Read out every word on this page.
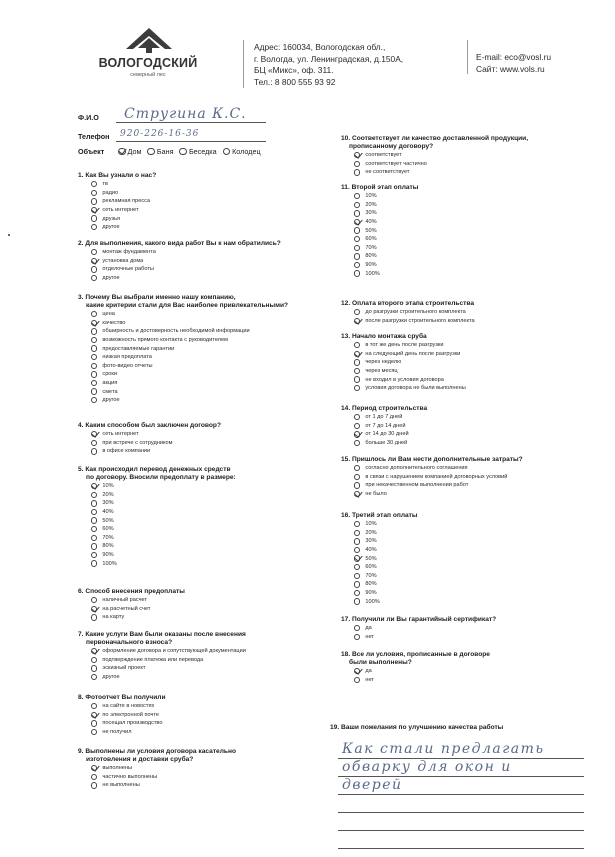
ВОЛОГОДСКИЙ
северный лес
Адрес: 160034, Вологодская обл.,
г. Вологда, ул. Ленинградская, д.150А,
БЦ «Микс», оф. 311.
Тел.: 8 800 555 93 92
E-mail: eco@vosl.ru
Сайт: www.vols.ru
Ф.И.О Стругина К.С.
Телефон 920-226-16-36
Объект	Дом Баня Беседка Колодец
1. Как Вы узнали о нас?
тв
радио
рекламная пресса
сеть интернет
друзья
другое
2. Для выполнения, какого вида работ Вы к нам обратились?
монтаж фундамента
установка дома
отделочные работы
другое
3. Почему Вы выбрали именно нашу компанию,
какие критерии стали для Вас наиболее привлекательными?
цена
качество
обширность и достоверность необходимой информации
возможность прямого контакта с руководителем
предоставляемые гарантии
низкая предоплата
фото-видео отчеты
сроки
акция
смета
другое
4. Каким способом был заключен договор?
сеть интернет
при встрече с сотрудником
в офисе компании
5. Как происходил перевод денежных средств
по договору. Вносили предоплату в размере:
10%
20%
30%
40%
50%
60%
70%
80%
90%
100%
6. Способ внесения предоплаты
наличный расчет
на расчетный счет
на карту
7. Какие услуги Вам были оказаны после внесения
первоначального взноса?
оформление договора и сопутствующей документации
подтверждение платежа или перевода
эскизный проект
другое
8. Фотоотчет Вы получили
на сайте в новостях
по электронной почте
посещал производство
не получил
9. Выполнены ли условия договора касательно
изготовления и доставки сруба?
выполнены
частично выполнены
не выполнены
10. Соответствует ли качество доставленной продукции,
прописанному договору?
соответствует
соответствует частично
не соответствует
11. Второй этап оплаты
10%
20%
30%
40%
50%
60%
70%
80%
90%
100%
12. Оплата второго этапа строительства
до разгрузки строительного комплекта
после разгрузки строительного комплекта
13. Начало монтажа сруба
в тот же день после разгрузки
на следующий день после разгрузки
через неделю
через месяц
не входил в условия договора
условия договора не были выполнены
14. Период строительства
от 1 до 7 дней
от 7 до 14 дней
от 14 до 30 дней
больше 30 дней
15. Пришлось ли Вам нести дополнительные затраты?
согласно дополнительного соглашения
в связи с нарушением компанией договорных условий
при некачественном выполнении работ
не было
16. Третий этап оплаты
10%
20%
30%
40%
50%
60%
70%
80%
90%
100%
17. Получили ли Вы гарантийный сертификат?
да
нет
18. Все ли условия, прописанные в договоре
были выполнены?
да
нет
19. Ваши пожелания по улучшению качества работы
Как стали предлагать
обварку для окон и
дверей
